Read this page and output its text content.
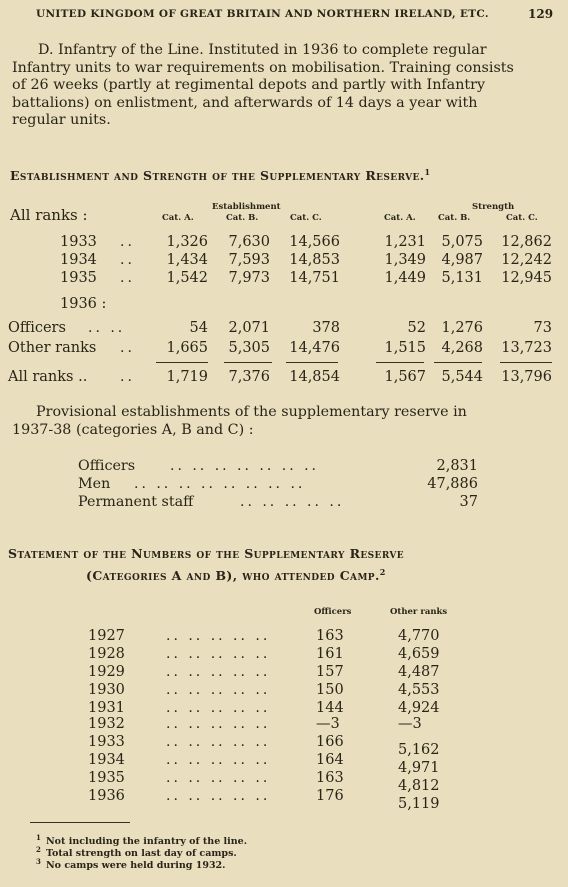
UNITED KINGDOM OF GREAT BRITAIN AND NORTHERN IRELAND, ETC.	129
D. Infantry of the Line. Instituted in 1936 to complete regular
Infantry units to war requirements on mobilisation. Training consists
of 26 weeks (partly at regimental depots and partly with Infantry
battalions) on enlistment, and afterwards of 14 days a year with
regular units.
Establishment and Strength of the Supplementary Reserve.$^1$
All ranks :	Establishment	Strength
Cat. A.	Cat. B.	Cat. C.	Cat. A.	Cat. B.	Cat. C.
1933 .. 1,326 7,630 14,566	1,231 5,075 12,862
1934 .. 1,434 7,593 14,853	1,349 4,987 12,242
1935 .. 1,542 7,973 14,751	1,449 5,131 12,945
Officers .. ..	54 2,071	378	52 1,276	73
Other ranks .. 1,665 5,305 14,476	1,515 4,268 13,723
All ranks .. .. 1,719 7,376 14,854	1,567 5,544 13,796
1936 :
Provisional establishments of the supplementary reserve in
1937-38 (categories A, B and C) :
Officers .. .. .. .. .. .. ..	2,831
Men .. .. .. .. .. .. .. ..	47,886
Permanent staff	.. .. .. .. ..	37
Statement of the Numbers of the Supplementary Reserve
(Categories A and B), who attended Camp.$^2$
Officers	Other ranks
1927	.. .. .. .. ..	163	4,770
1928	.. .. .. .. ..	161	4,659
1929	.. .. .. .. ..	157	4,487
1930	.. .. .. .. ..	150	4,553
1931	.. .. .. .. ..	144	4,924
1932	.. .. .. .. ..	—3	—3
1933	.. .. .. .. ..	166	5,162
1934	.. .. .. .. ..	164	4,971
1935	.. .. .. .. ..	163	4,812
1936	.. .. .. .. ..	176	5,119
1 Not including the infantry of the line.
2 Total strength on last day of camps.
3 No camps were held during 1932.
